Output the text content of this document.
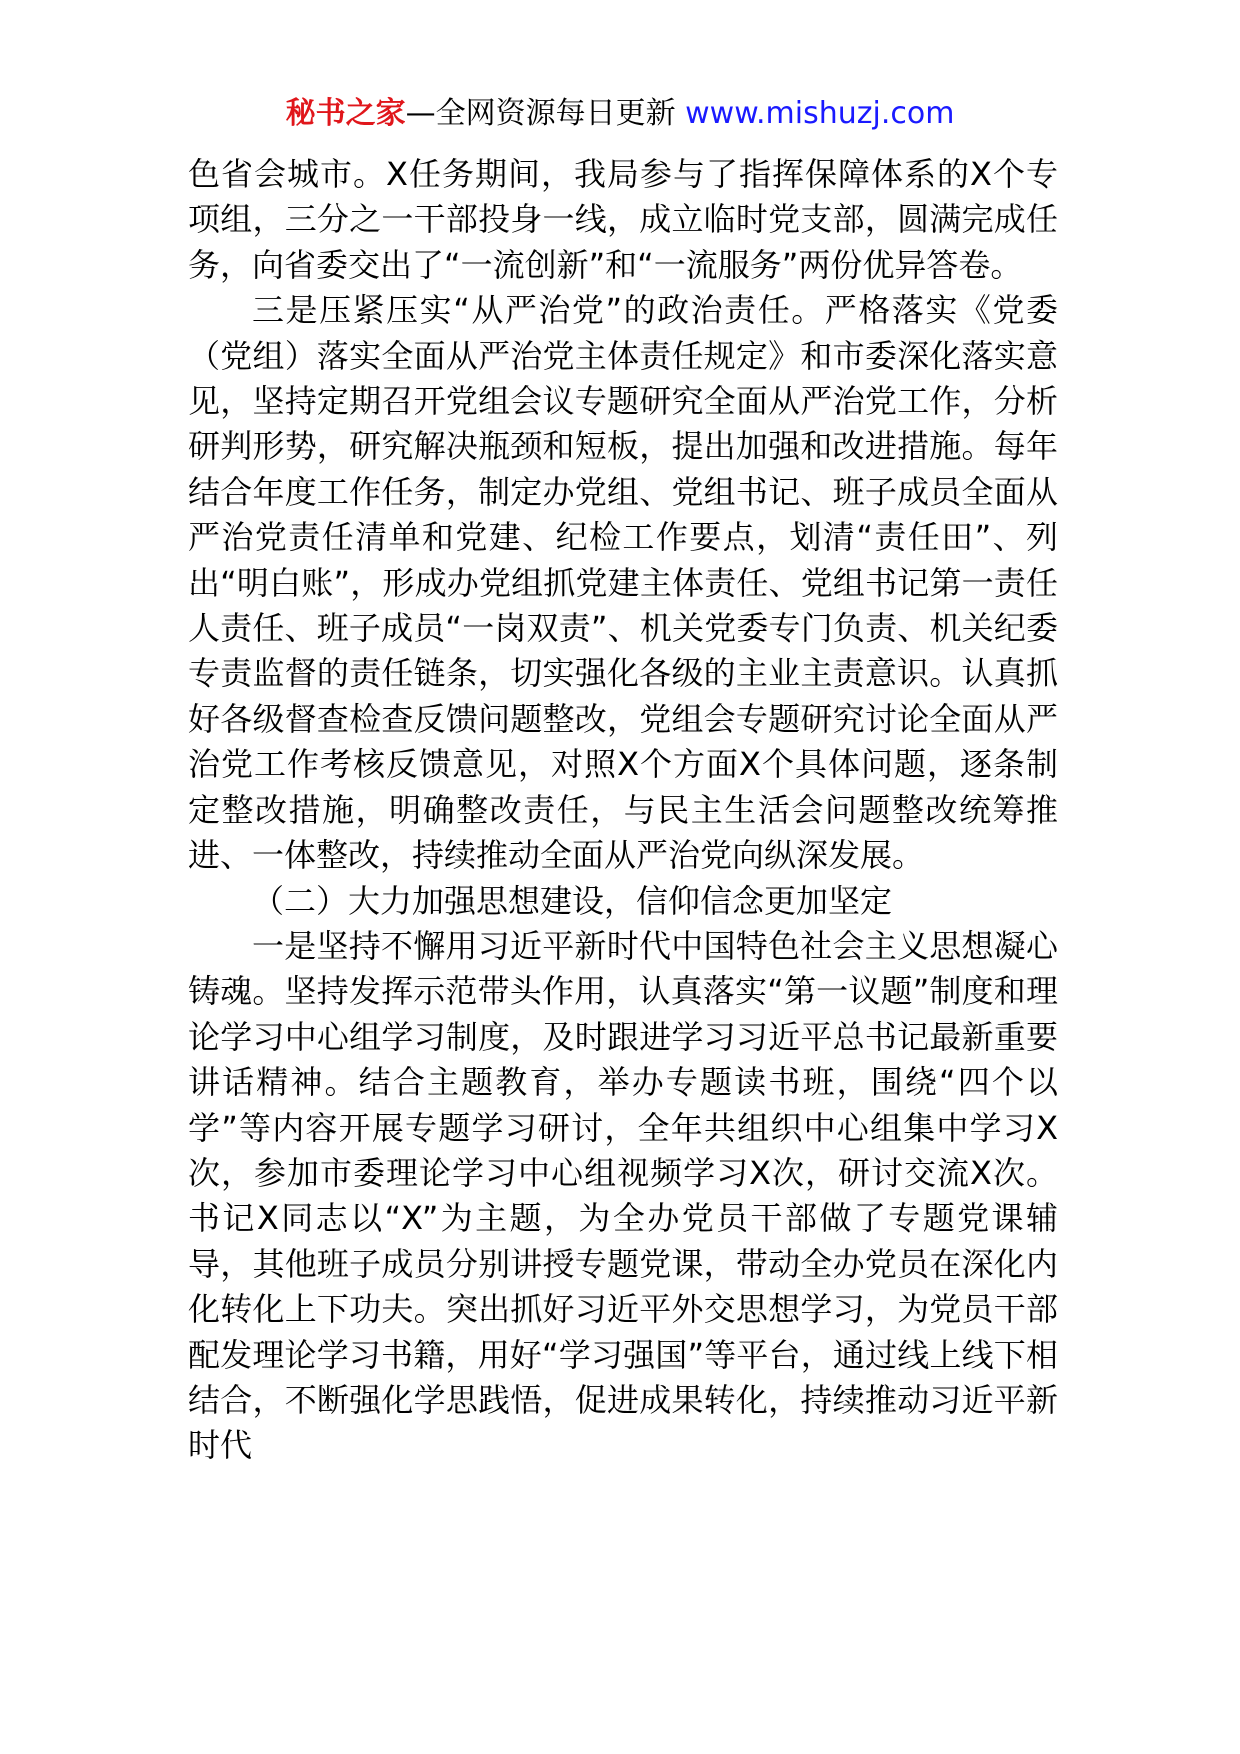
秘书之家—全网资源每日更新 www.mishuzj.com

色省会城市。X任务期间，我局参与了指挥保障体系的X个专项组，三分之一干部投身一线，成立临时党支部，圆满完成任务，向省委交出了“一流创新”和“一流服务”两份优异答卷。

三是压紧压实“从严治党”的政治责任。严格落实《党委（党组）落实全面从严治党主体责任规定》和市委深化落实意见，坚持定期召开党组会议专题研究全面从严治党工作，分析研判形势，研究解决瓶颈和短板，提出加强和改进措施。每年结合年度工作任务，制定办党组、党组书记、班子成员全面从严治党责任清单和党建、纪检工作要点，划清“责任田”、列出“明白账”，形成办党组抓党建主体责任、党组书记第一责任人责任、班子成员“一岗双责”、机关党委专门负责、机关纪委专责监督的责任链条，切实强化各级的主业主责意识。认真抓好各级督查检查反馈问题整改，党组会专题研究讨论全面从严治党工作考核反馈意见，对照X个方面X个具体问题，逐条制定整改措施，明确整改责任，与民主生活会问题整改统筹推进、一体整改，持续推动全面从严治党向纵深发展。

（二）大力加强思想建设，信仰信念更加坚定

一是坚持不懈用习近平新时代中国特色社会主义思想凝心铸魂。坚持发挥示范带头作用，认真落实“第一议题”制度和理论学习中心组学习制度，及时跟进学习习近平总书记最新重要讲话精神。结合主题教育，举办专题读书班，围绕“四个以学”等内容开展专题学习研讨，全年共组织中心组集中学习X次，参加市委理论学习中心组视频学习X次，研讨交流X次。书记X同志以“X”为主题，为全办党员干部做了专题党课辅导，其他班子成员分别讲授专题党课，带动全办党员在深化内化转化上下功夫。突出抓好习近平外交思想学习，为党员干部配发理论学习书籍，用好“学习强国”等平台，通过线上线下相结合，不断强化学思践悟，促进成果转化，持续推动习近平新时代
